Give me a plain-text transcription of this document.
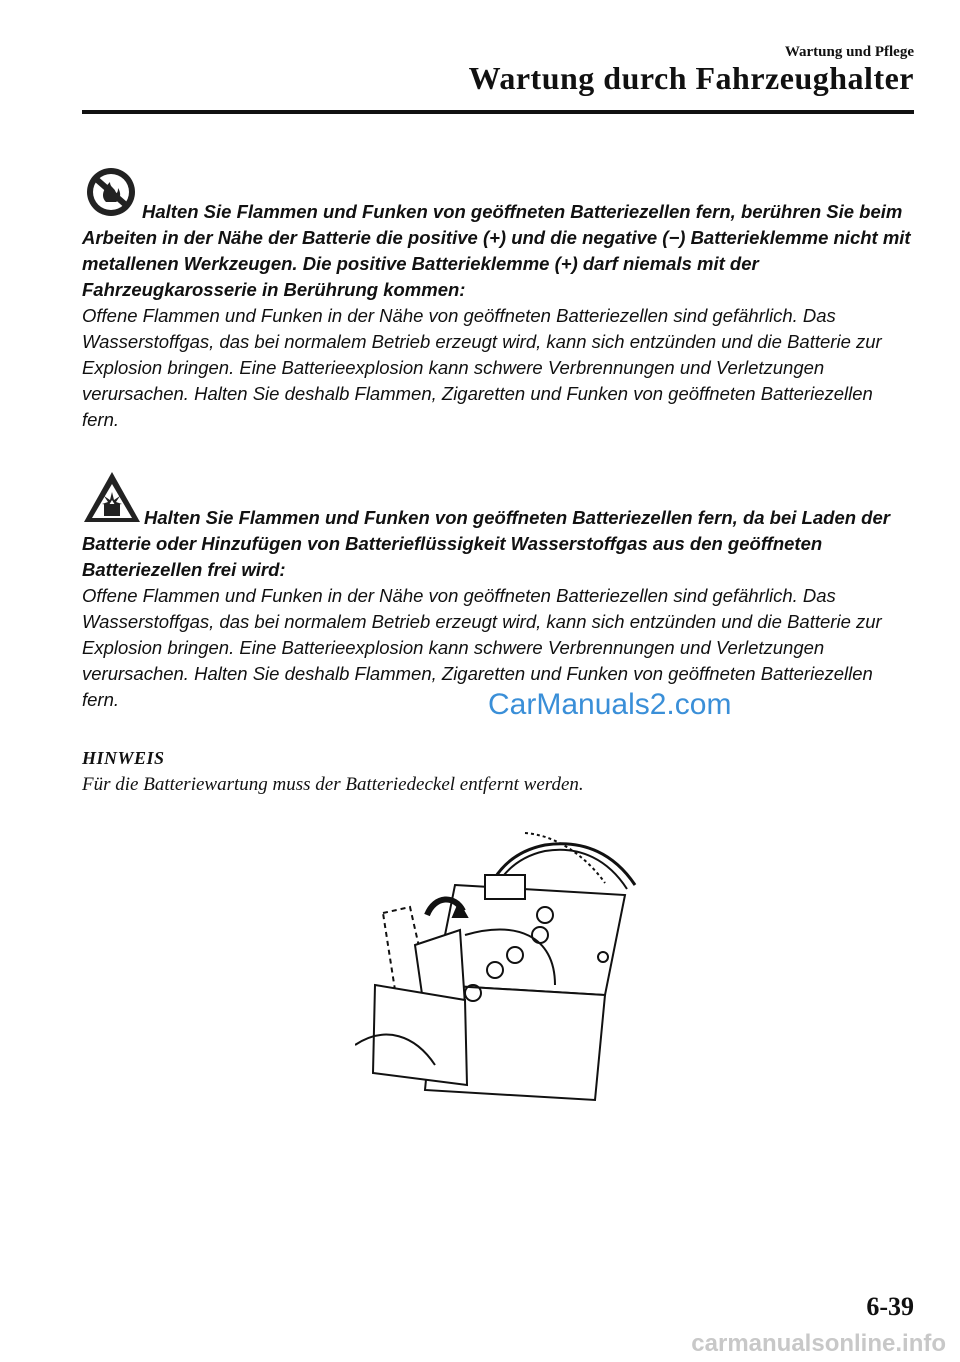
Wartung und Pflege
Wartung durch Fahrzeughalter
Halten Sie Flammen und Funken von geöffneten Batteriezellen fern, berühren Sie beim Arbeiten in der Nähe der Batterie die positive (+) und die negative (−) Batterieklemme nicht mit metallenen Werkzeugen. Die positive Batterieklemme (+) darf niemals mit der Fahrzeugkarosserie in Berührung kommen:
Offene Flammen und Funken in der Nähe von geöffneten Batteriezellen sind gefährlich. Das Wasserstoffgas, das bei normalem Betrieb erzeugt wird, kann sich entzünden und die Batterie zur Explosion bringen. Eine Batterieexplosion kann schwere Verbrennungen und Verletzungen verursachen. Halten Sie deshalb Flammen, Zigaretten und Funken von geöffneten Batteriezellen fern.
Halten Sie Flammen und Funken von geöffneten Batteriezellen fern, da bei Laden der Batterie oder Hinzufügen von Batterieflüssigkeit Wasserstoffgas aus den geöffneten Batteriezellen frei wird:
Offene Flammen und Funken in der Nähe von geöffneten Batteriezellen sind gefährlich. Das Wasserstoffgas, das bei normalem Betrieb erzeugt wird, kann sich entzünden und die Batterie zur Explosion bringen. Eine Batterieexplosion kann schwere Verbrennungen und Verletzungen verursachen. Halten Sie deshalb Flammen, Zigaretten und Funken von geöffneten Batteriezellen fern.	CarManuals2.com
HINWEIS
Für die Batteriewartung muss der Batteriedeckel entfernt werden.
6-39
carmanualsonline.info
